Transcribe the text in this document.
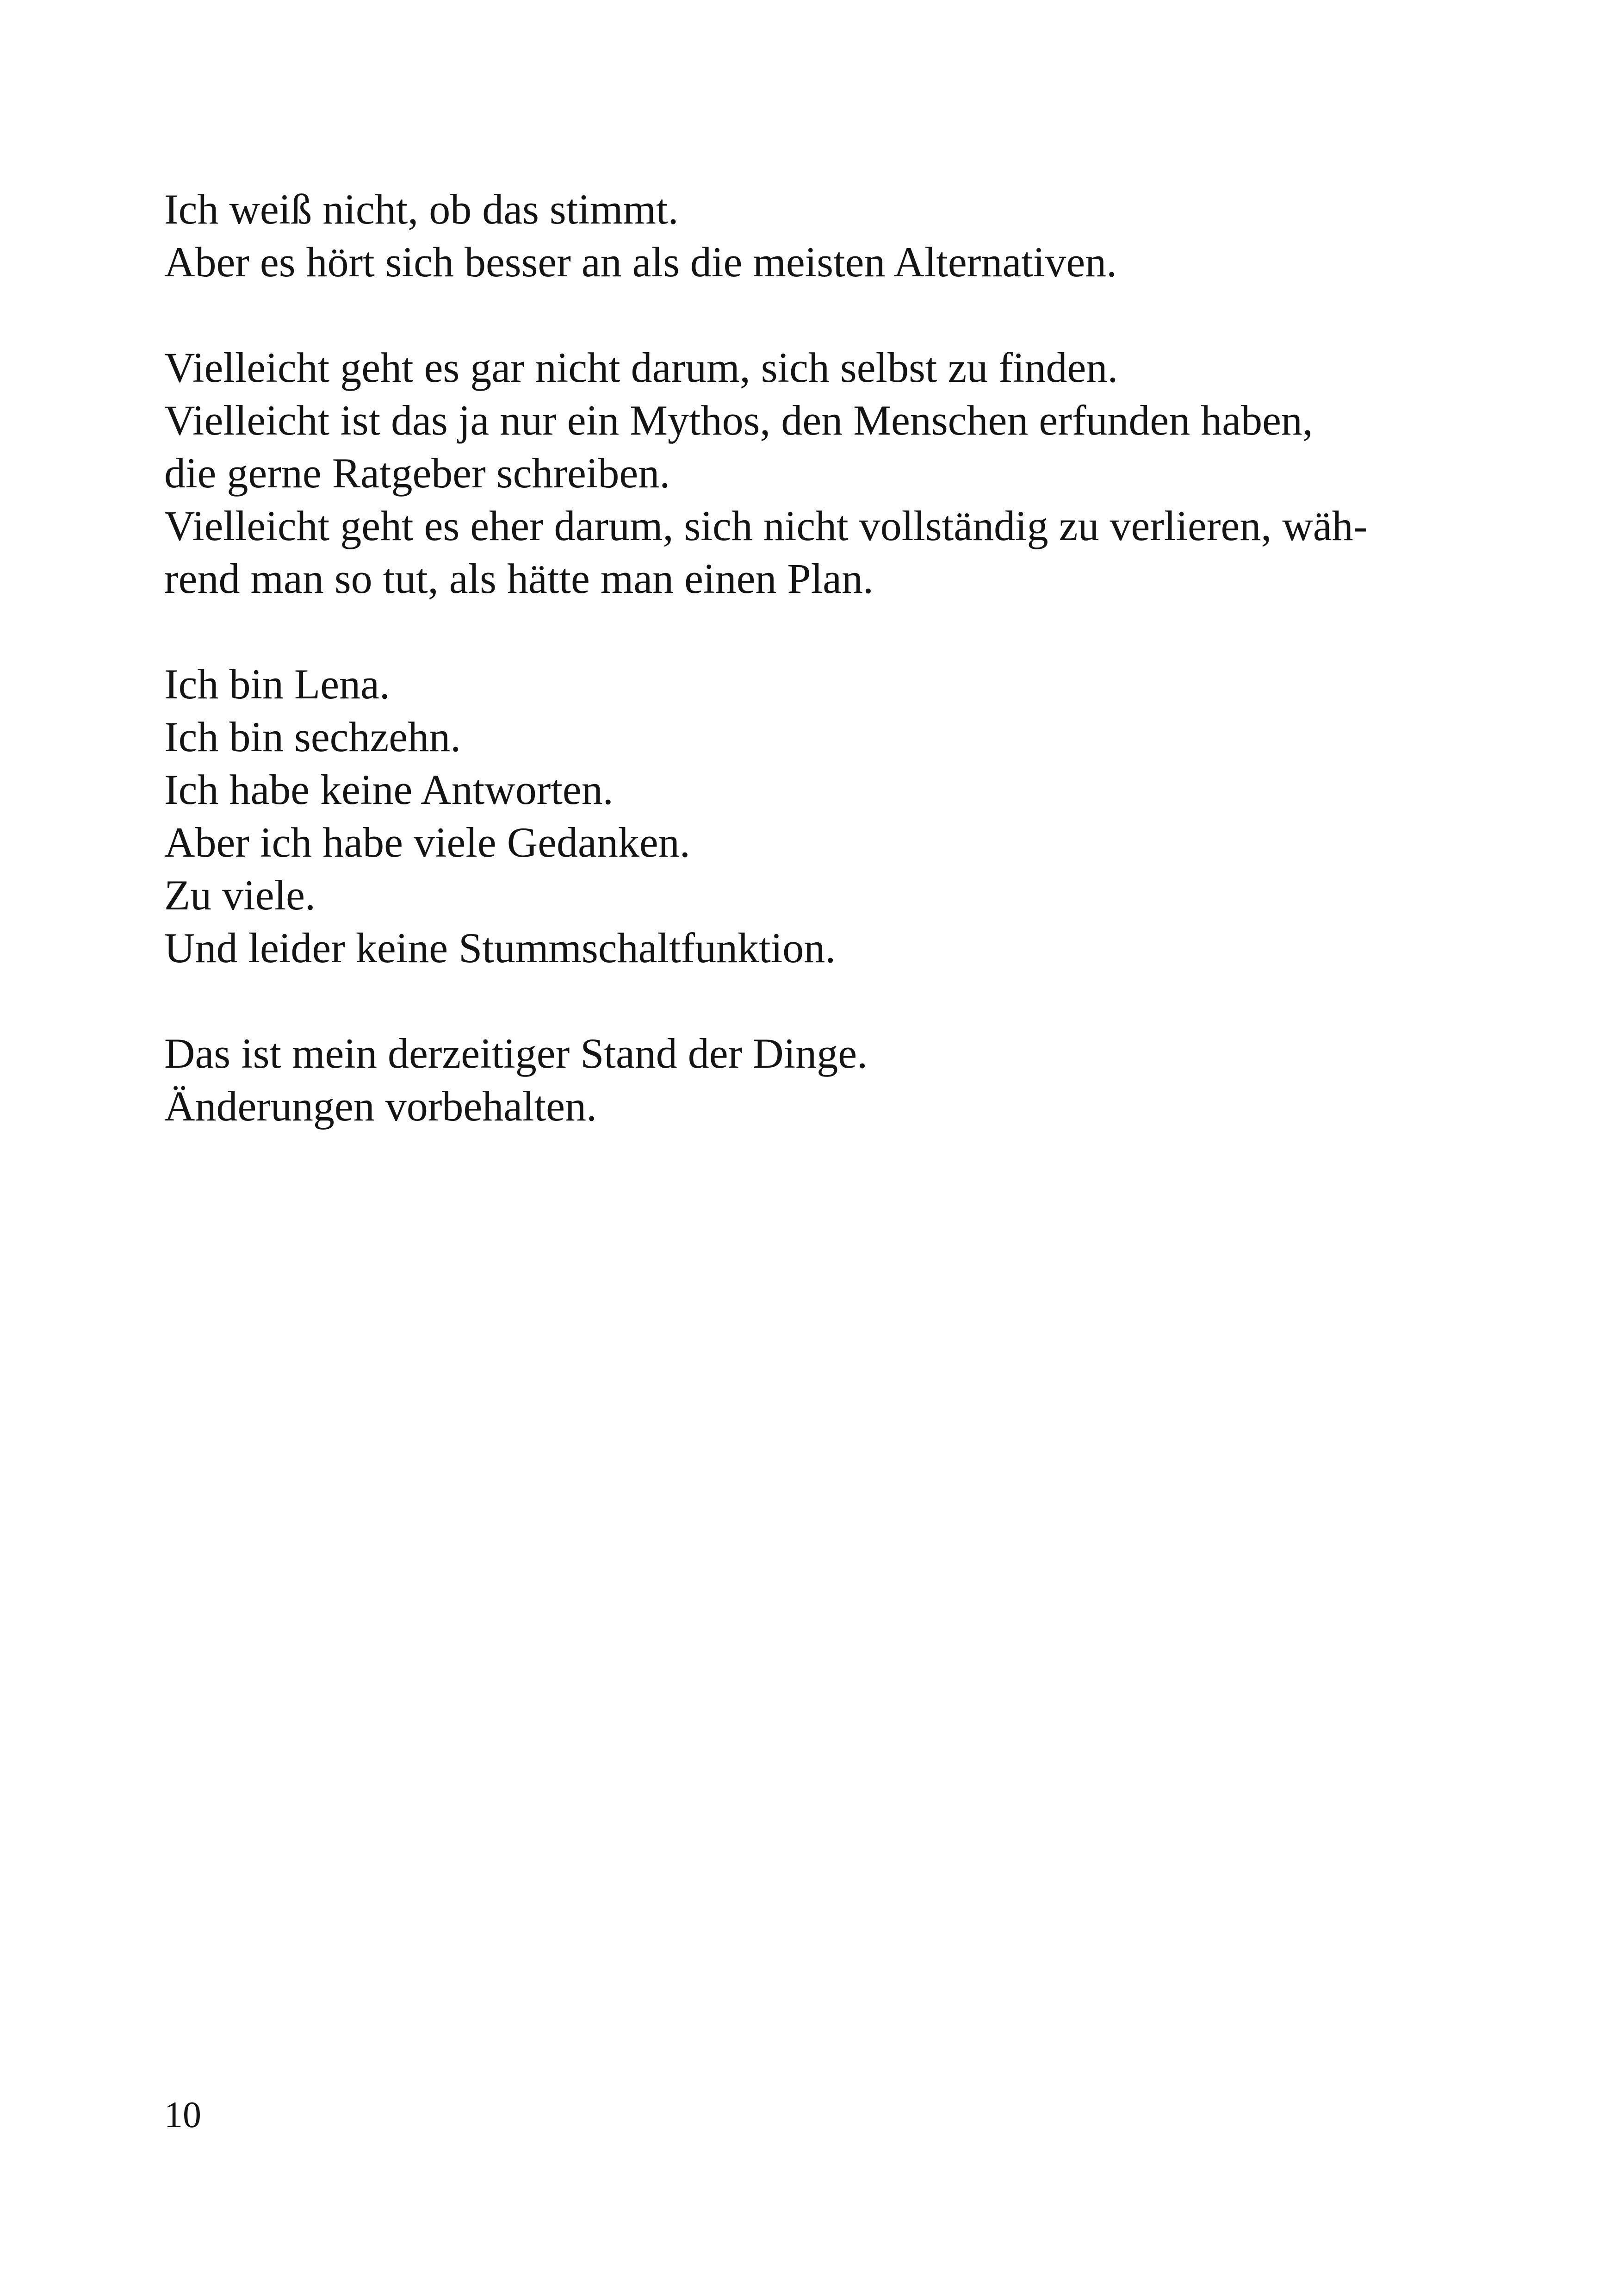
Ich weiß nicht, ob das stimmt.
Aber es hört sich besser an als die meisten Alternativen.

Vielleicht geht es gar nicht darum, sich selbst zu finden.
Vielleicht ist das ja nur ein Mythos, den Menschen erfunden haben,
die gerne Ratgeber schreiben.
Vielleicht geht es eher darum, sich nicht vollständig zu verlieren, wäh-
rend man so tut, als hätte man einen Plan.

Ich bin Lena.
Ich bin sechzehn.
Ich habe keine Antworten.
Aber ich habe viele Gedanken.
Zu viele.
Und leider keine Stummschaltfunktion.

Das ist mein derzeitiger Stand der Dinge.
Änderungen vorbehalten.

10
